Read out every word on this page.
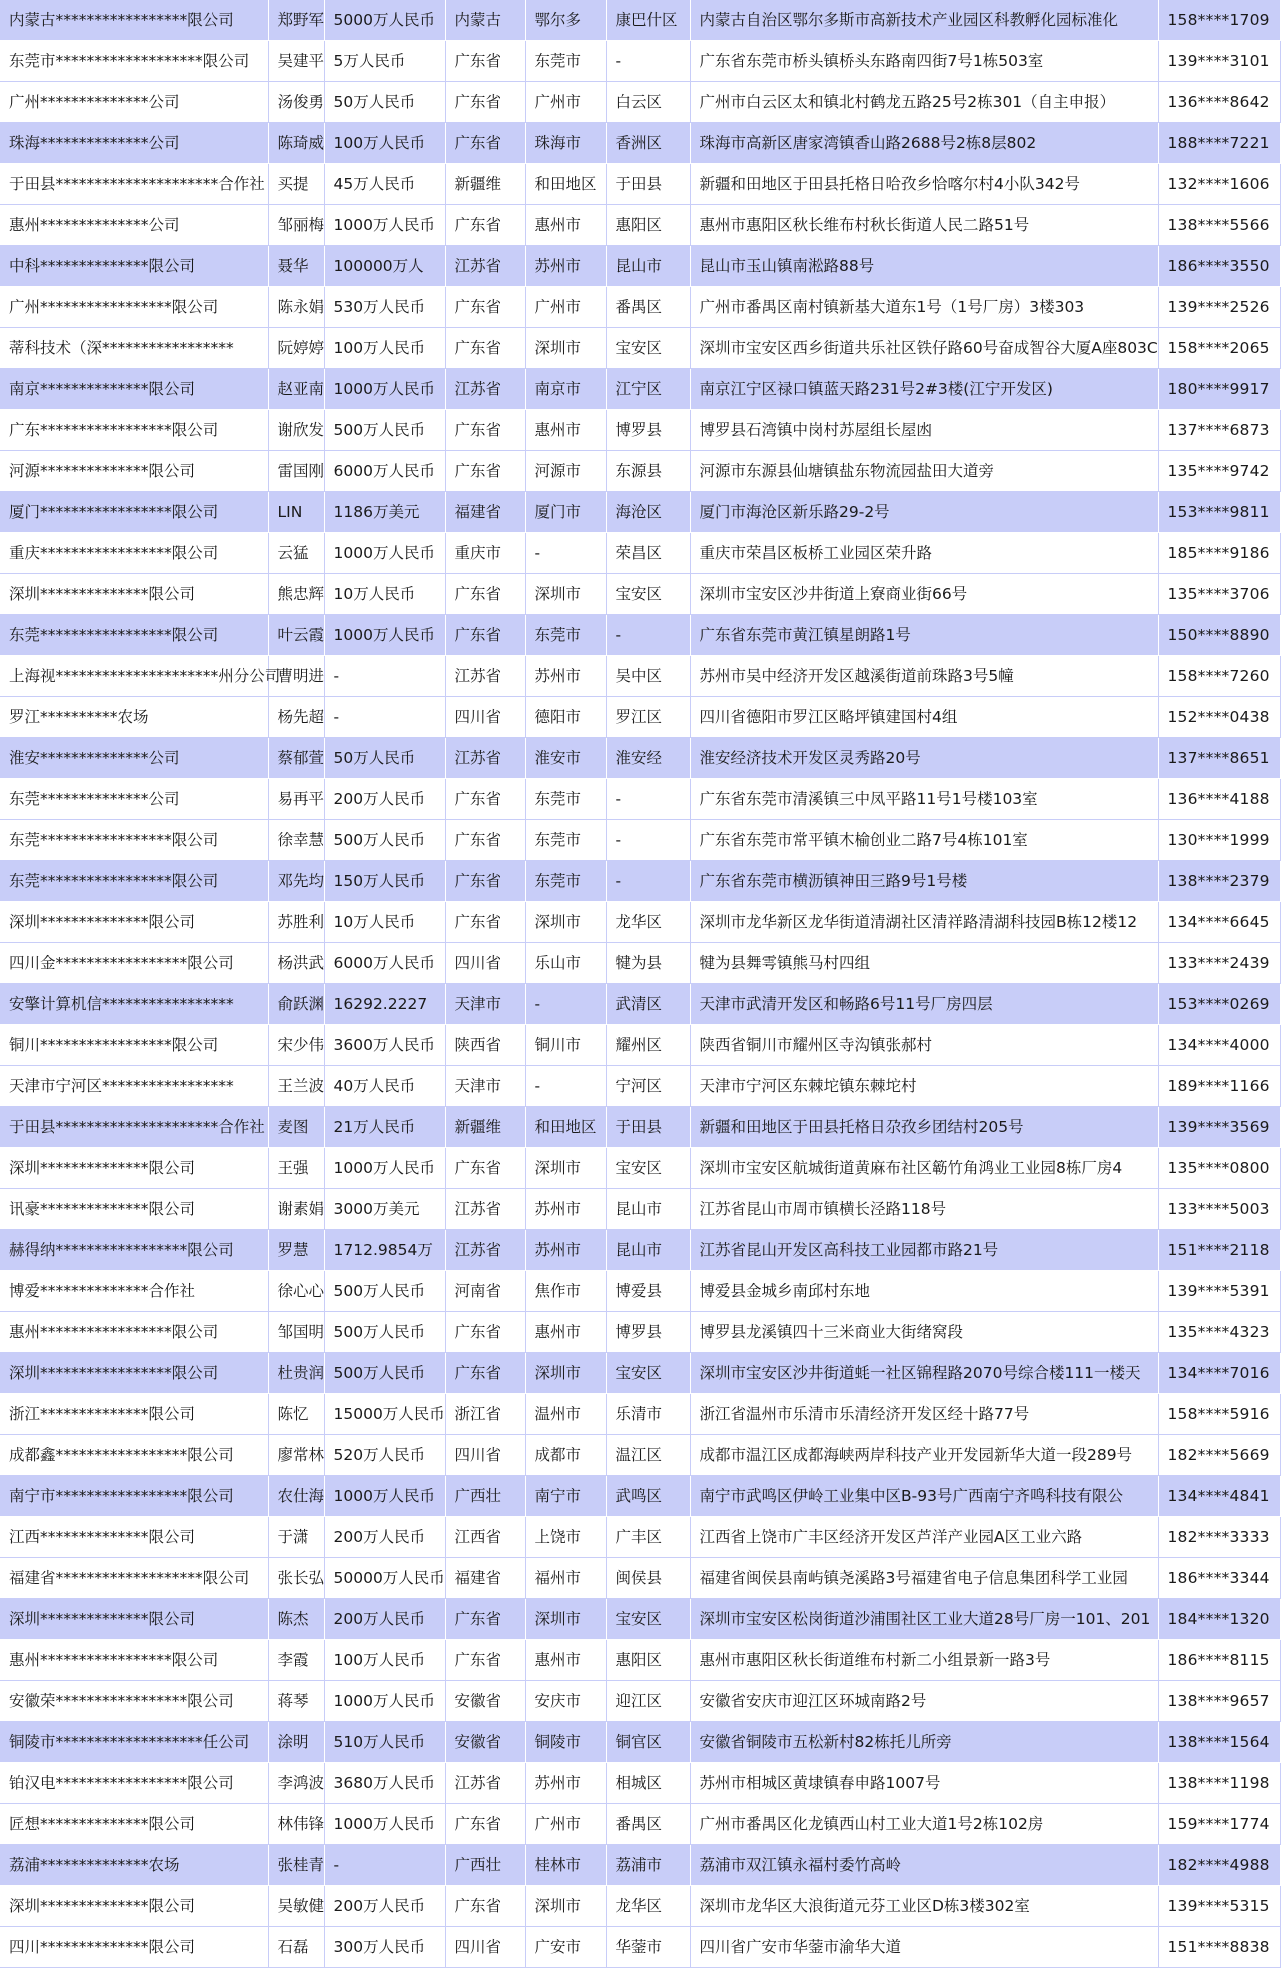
内蒙古*****************限公司	郑野军	5000万人民币	内蒙古	鄂尔多	康巴什区	内蒙古自治区鄂尔多斯市高新技术产业园区科教孵化园标准化	158****1709
东莞市*******************限公司	吴建平	5万人民币	广东省	东莞市	-	广东省东莞市桥头镇桥头东路南四街7号1栋503室	139****3101
广州**************公司	汤俊勇	50万人民币	广东省	广州市	白云区	广州市白云区太和镇北村鹤龙五路25号2栋301（自主申报）	136****8642
珠海**************公司	陈琦威	100万人民币	广东省	珠海市	香洲区	珠海市高新区唐家湾镇香山路2688号2栋8层802	188****7221
于田县*********************合作社	买提	45万人民币	新疆维	和田地区	于田县	新疆和田地区于田县托格日哈孜乡恰喀尔村4小队342号	132****1606
惠州**************公司	邹丽梅	1000万人民币	广东省	惠州市	惠阳区	惠州市惠阳区秋长维布村秋长街道人民二路51号	138****5566
中科**************限公司	聂华	100000万人	江苏省	苏州市	昆山市	昆山市玉山镇南淞路88号	186****3550
广州*****************限公司	陈永娟	530万人民币	广东省	广州市	番禺区	广州市番禺区南村镇新基大道东1号（1号厂房）3楼303	139****2526
蒂科技术（深*****************	阮婷婷	100万人民币	广东省	深圳市	宝安区	深圳市宝安区西乡街道共乐社区铁仔路60号奋成智谷大厦A座803C	158****2065
南京**************限公司	赵亚南	1000万人民币	江苏省	南京市	江宁区	南京江宁区禄口镇蓝天路231号2#3楼(江宁开发区)	180****9917
广东*****************限公司	谢欣发	500万人民币	广东省	惠州市	博罗县	博罗县石湾镇中岗村苏屋组长屋凼	137****6873
河源**************限公司	雷国刚	6000万人民币	广东省	河源市	东源县	河源市东源县仙塘镇盐东物流园盐田大道旁	135****9742
厦门*****************限公司	LIN	1186万美元	福建省	厦门市	海沧区	厦门市海沧区新乐路29-2号	153****9811
重庆*****************限公司	云猛	1000万人民币	重庆市	-	荣昌区	重庆市荣昌区板桥工业园区荣升路	185****9186
深圳**************限公司	熊忠辉	10万人民币	广东省	深圳市	宝安区	深圳市宝安区沙井街道上寮商业街66号	135****3706
东莞*****************限公司	叶云霞	1000万人民币	广东省	东莞市	-	广东省东莞市黄江镇星朗路1号	150****8890
上海视*********************州分公司	曹明进	-	江苏省	苏州市	吴中区	苏州市吴中经济开发区越溪街道前珠路3号5幢	158****7260
罗江**********农场	杨先超	-	四川省	德阳市	罗江区	四川省德阳市罗江区略坪镇建国村4组	152****0438
淮安**************公司	蔡郁萱	50万人民币	江苏省	淮安市	淮安经	淮安经济技术开发区灵秀路20号	137****8651
东莞**************公司	易再平	200万人民币	广东省	东莞市	-	广东省东莞市清溪镇三中凤平路11号1号楼103室	136****4188
东莞*****************限公司	徐幸慧	500万人民币	广东省	东莞市	-	广东省东莞市常平镇木榆创业二路7号4栋101室	130****1999
东莞*****************限公司	邓先均	150万人民币	广东省	东莞市	-	广东省东莞市横沥镇神田三路9号1号楼	138****2379
深圳**************限公司	苏胜利	10万人民币	广东省	深圳市	龙华区	深圳市龙华新区龙华街道清湖社区清祥路清湖科技园B栋12楼12	134****6645
四川金*****************限公司	杨洪武	6000万人民币	四川省	乐山市	犍为县	犍为县舞雩镇熊马村四组	133****2439
安擎计算机信*****************	俞跃渊	16292.2227	天津市	-	武清区	天津市武清开发区和畅路6号11号厂房四层	153****0269
铜川*****************限公司	宋少伟	3600万人民币	陕西省	铜川市	耀州区	陕西省铜川市耀州区寺沟镇张郝村	134****4000
天津市宁河区*****************	王兰波	40万人民币	天津市	-	宁河区	天津市宁河区东棘坨镇东棘坨村	189****1166
于田县*********************合作社	麦图	21万人民币	新疆维	和田地区	于田县	新疆和田地区于田县托格日尕孜乡团结村205号	139****3569
深圳**************限公司	王强	1000万人民币	广东省	深圳市	宝安区	深圳市宝安区航城街道黄麻布社区簕竹角鸿业工业园8栋厂房4	135****0800
讯豪**************限公司	谢素娟	3000万美元	江苏省	苏州市	昆山市	江苏省昆山市周市镇横长泾路118号	133****5003
赫得纳*****************限公司	罗慧	1712.9854万	江苏省	苏州市	昆山市	江苏省昆山开发区高科技工业园都市路21号	151****2118
博爱**************合作社	徐心心	500万人民币	河南省	焦作市	博爱县	博爱县金城乡南邱村东地	139****5391
惠州*****************限公司	邹国明	500万人民币	广东省	惠州市	博罗县	博罗县龙溪镇四十三米商业大街绪窝段	135****4323
深圳*****************限公司	杜贵润	500万人民币	广东省	深圳市	宝安区	深圳市宝安区沙井街道蚝一社区锦程路2070号综合楼111一楼天	134****7016
浙江**************限公司	陈忆	15000万人民币	浙江省	温州市	乐清市	浙江省温州市乐清市乐清经济开发区经十路77号	158****5916
成都鑫*****************限公司	廖常林	520万人民币	四川省	成都市	温江区	成都市温江区成都海峡两岸科技产业开发园新华大道一段289号	182****5669
南宁市*****************限公司	农仕海	1000万人民币	广西壮	南宁市	武鸣区	南宁市武鸣区伊岭工业集中区B-93号广西南宁齐鸣科技有限公	134****4841
江西**************限公司	于潇	200万人民币	江西省	上饶市	广丰区	江西省上饶市广丰区经济开发区芦洋产业园A区工业六路	182****3333
福建省*******************限公司	张长弘	50000万人民币	福建省	福州市	闽侯县	福建省闽侯县南屿镇尧溪路3号福建省电子信息集团科学工业园	186****3344
深圳**************限公司	陈杰	200万人民币	广东省	深圳市	宝安区	深圳市宝安区松岗街道沙浦围社区工业大道28号厂房一101、201	184****1320
惠州*****************限公司	李霞	100万人民币	广东省	惠州市	惠阳区	惠州市惠阳区秋长街道维布村新二小组景新一路3号	186****8115
安徽荣*****************限公司	蒋琴	1000万人民币	安徽省	安庆市	迎江区	安徽省安庆市迎江区环城南路2号	138****9657
铜陵市*******************任公司	涂明	510万人民币	安徽省	铜陵市	铜官区	安徽省铜陵市五松新村82栋托儿所旁	138****1564
铂汉电*****************限公司	李鸿波	3680万人民币	江苏省	苏州市	相城区	苏州市相城区黄埭镇春申路1007号	138****1198
匠想**************限公司	林伟锋	1000万人民币	广东省	广州市	番禺区	广州市番禺区化龙镇西山村工业大道1号2栋102房	159****1774
荔浦**************农场	张桂青	-	广西壮	桂林市	荔浦市	荔浦市双江镇永福村委竹高岭	182****4988
深圳**************限公司	吴敏健	200万人民币	广东省	深圳市	龙华区	深圳市龙华区大浪街道元芬工业区D栋3楼302室	139****5315
四川**************限公司	石磊	300万人民币	四川省	广安市	华蓥市	四川省广安市华蓥市渝华大道	151****8838
